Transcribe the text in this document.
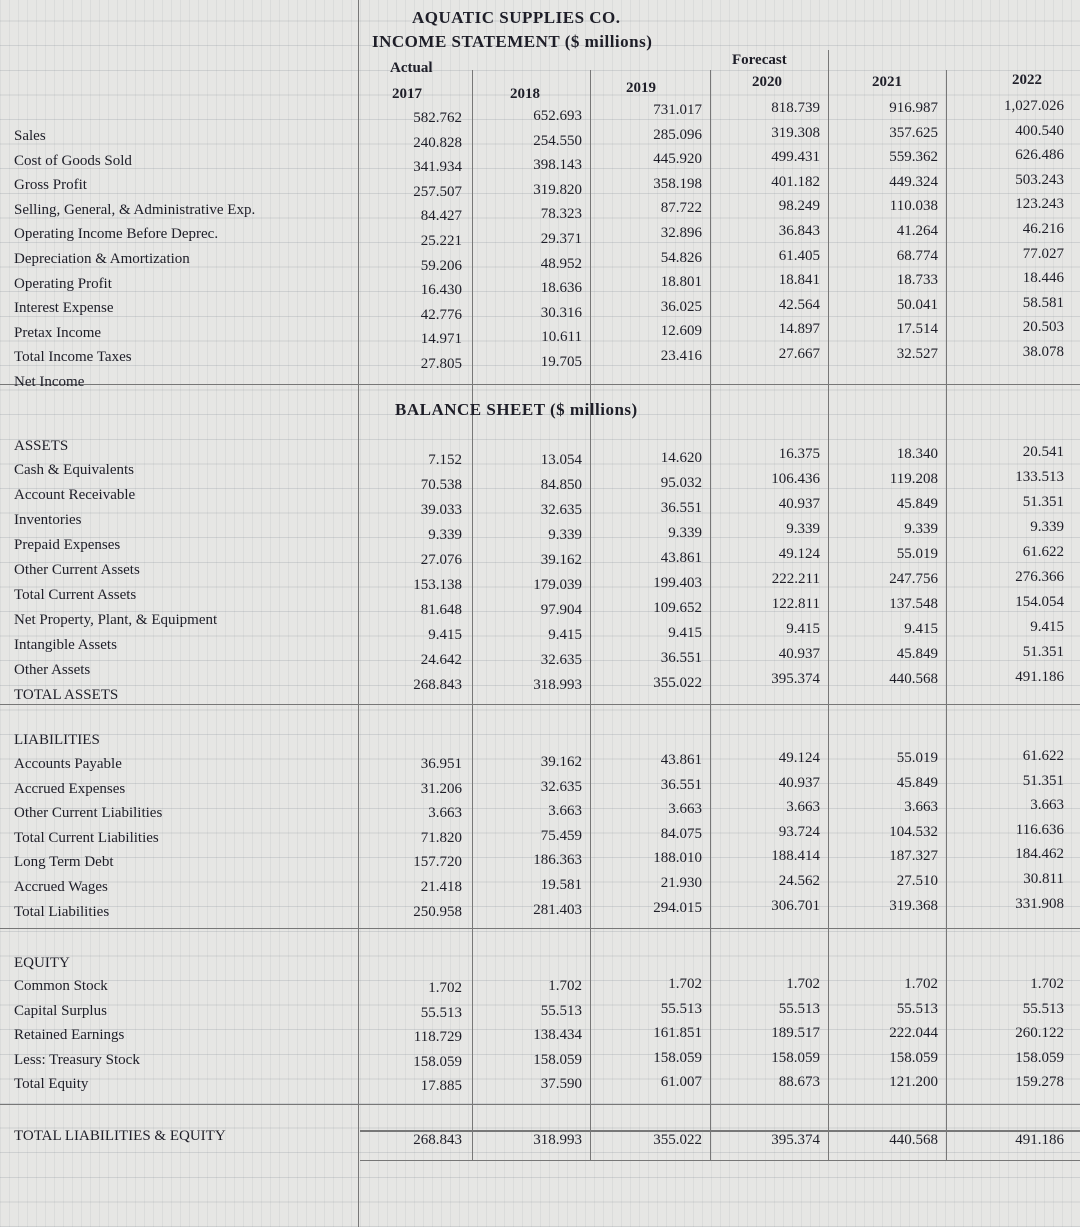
AQUATIC SUPPLIES CO.
INCOME STATEMENT ($ millions)
Actual	Forecast
2017	2018	2019	2020	2021	2022
Sales
582.762	652.693	731.017	818.739	916.987	1,027.026
Cost of Goods Sold
240.828	254.550	285.096	319.308	357.625	400.540
Gross Profit
341.934	398.143	445.920	499.431	559.362	626.486
Selling, General, & Administrative Exp.
257.507	319.820	358.198	401.182	449.324	503.243
Operating Income Before Deprec.
84.427	78.323	87.722	98.249	110.038	123.243
Depreciation & Amortization
25.221	29.371	32.896	36.843	41.264	46.216
Operating Profit
59.206	48.952	54.826	61.405	68.774	77.027
Interest Expense
16.430	18.636	18.801	18.841	18.733	18.446
Pretax Income
42.776	30.316	36.025	42.564	50.041	58.581
Total Income Taxes
14.971	10.611	12.609	14.897	17.514	20.503
Net Income
27.805	19.705	23.416	27.667	32.527	38.078
BALANCE SHEET ($ millions)
ASSETS
Cash & Equivalents
7.152	13.054	14.620	16.375	18.340	20.541
Account Receivable
70.538	84.850	95.032	106.436	119.208	133.513
Inventories
39.033	32.635	36.551	40.937	45.849	51.351
Prepaid Expenses
9.339	9.339	9.339	9.339	9.339	9.339
Other Current Assets
27.076	39.162	43.861	49.124	55.019	61.622
Total Current Assets
153.138	179.039	199.403	222.211	247.756	276.366
Net Property, Plant, & Equipment
81.648	97.904	109.652	122.811	137.548	154.054
Intangible Assets
9.415	9.415	9.415	9.415	9.415	9.415
Other Assets
24.642	32.635	36.551	40.937	45.849	51.351
TOTAL ASSETS
268.843	318.993	355.022	395.374	440.568	491.186
LIABILITIES
Accounts Payable	36.951	39.162	43.861	49.124	55.019	61.622
Accrued Expenses	31.206	32.635	36.551	40.937	45.849	51.351
Other Current Liabilities	3.663	3.663	3.663	3.663	3.663	3.663
Total Current Liabilities	71.820	75.459	84.075	93.724	104.532	116.636
Long Term Debt	157.720	186.363	188.010	188.414	187.327	184.462
Accrued Wages	21.418	19.581	21.930	24.562	27.510	30.811
Total Liabilities	250.958	281.403	294.015	306.701	319.368	331.908
EQUITY
Common Stock	1.702	1.702	1.702	1.702	1.702	1.702
Capital Surplus	55.513	55.513	55.513	55.513	55.513	55.513
Retained Earnings	118.729	138.434	161.851	189.517	222.044	260.122
Less: Treasury Stock	158.059	158.059	158.059	158.059	158.059	158.059
Total Equity	17.885	37.590	61.007	88.673	121.200	159.278
TOTAL LIABILITIES & EQUITY	268.843	318.993	355.022	395.374	440.568	491.186
